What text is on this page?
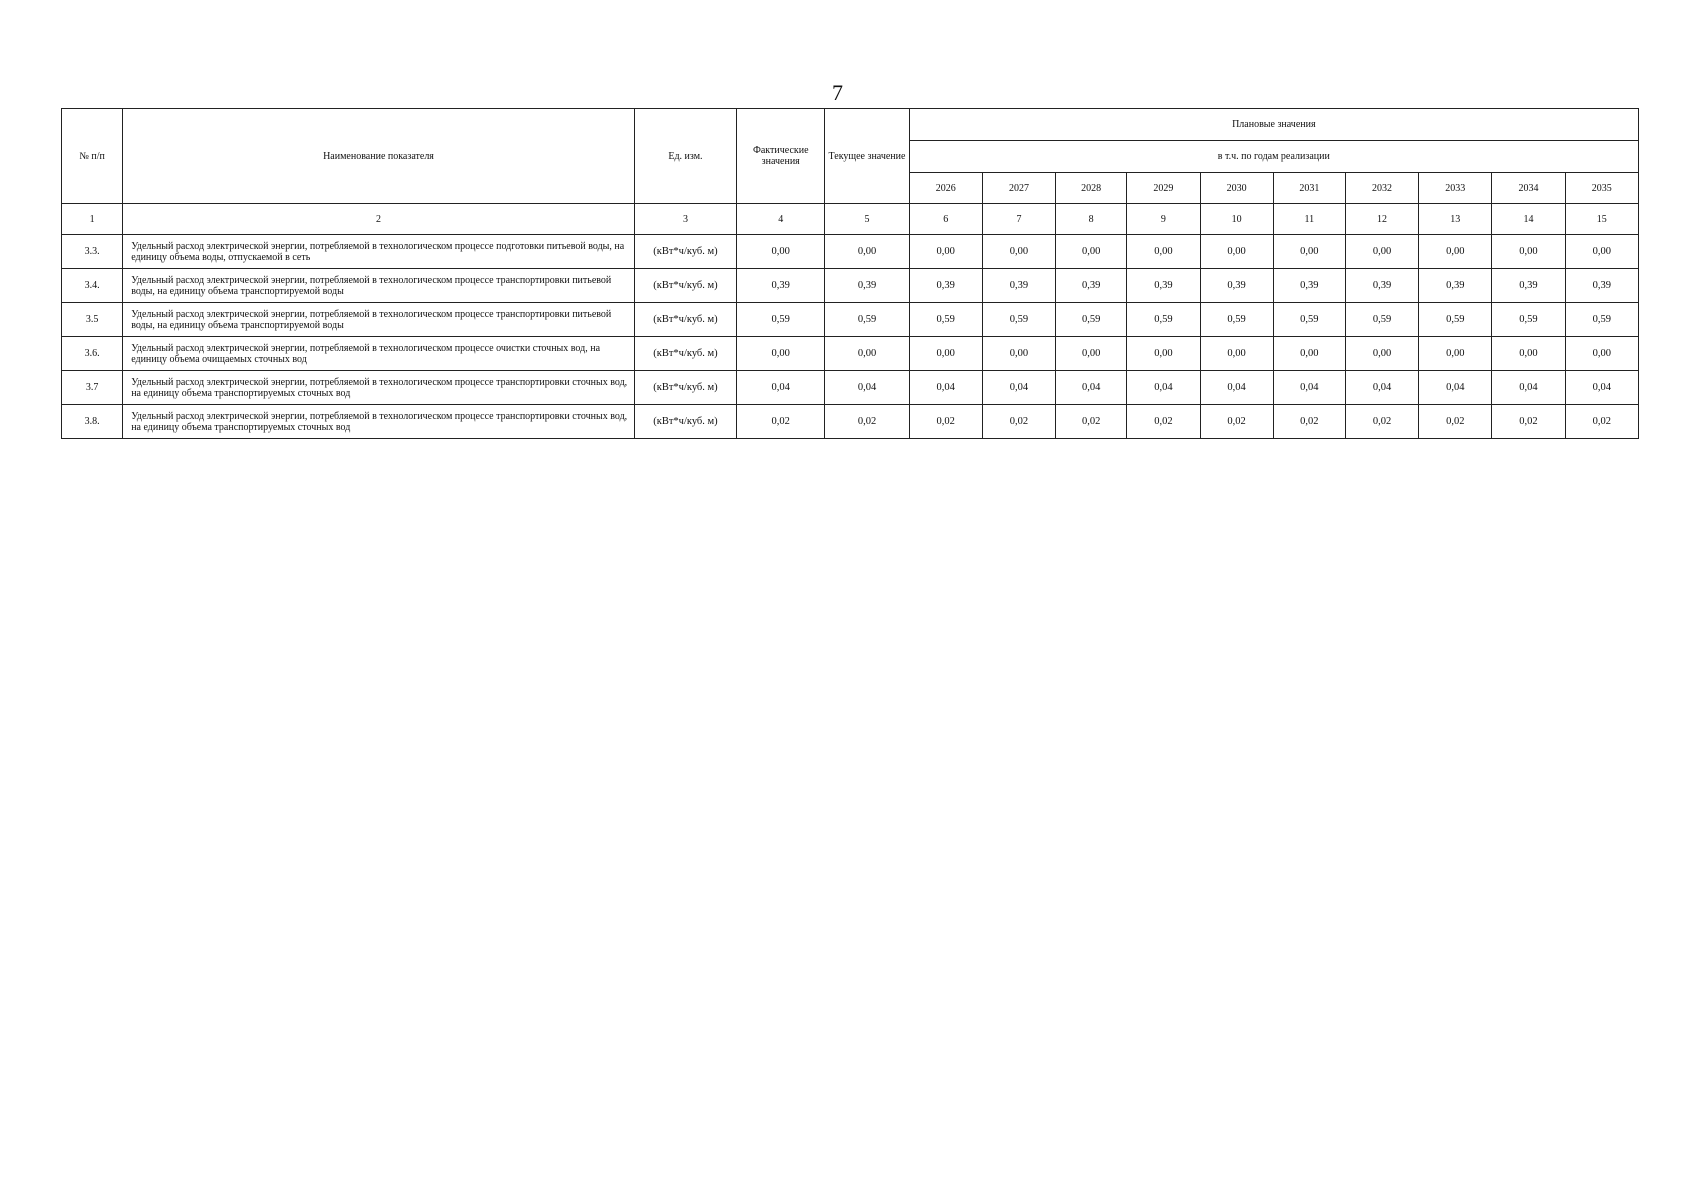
7
№ п/п	Наименование показателя	Ед. изм.	Фактические значения	Текущее значение	Плановые значения									
					в т.ч. по годам реализации									
					2026	2027	2028	2029	2030	2031	2032	2033	2034	2035
1	2	3	4	5	6	7	8	9	10	11	12	13	14	15
3.3.	Удельный расход электрической энергии, потребляемой в технологическом процессе подготовки питьевой воды, на единицу объема воды, отпускаемой в сеть	(кВт*ч/куб. м)	0,00	0,00	0,00	0,00	0,00	0,00	0,00	0,00	0,00	0,00	0,00	0,00
3.4.	Удельный расход электрической энергии, потребляемой в технологическом процессе транспортировки питьевой воды, на единицу объема транспортируемой воды	(кВт*ч/куб. м)	0,39	0,39	0,39	0,39	0,39	0,39	0,39	0,39	0,39	0,39	0,39	0,39
3.5	Удельный расход электрической энергии, потребляемой в технологическом процессе транспортировки питьевой воды, на единицу объема транспортируемой воды	(кВт*ч/куб. м)	0,59	0,59	0,59	0,59	0,59	0,59	0,59	0,59	0,59	0,59	0,59	0,59
3.6.	Удельный расход электрической энергии, потребляемой в технологическом процессе очистки сточных вод, на единицу объема очищаемых сточных вод	(кВт*ч/куб. м)	0,00	0,00	0,00	0,00	0,00	0,00	0,00	0,00	0,00	0,00	0,00	0,00
3.7	Удельный расход электрической энергии, потребляемой в технологическом процессе транспортировки сточных вод, на единицу объема транспортируемых сточных вод	(кВт*ч/куб. м)	0,04	0,04	0,04	0,04	0,04	0,04	0,04	0,04	0,04	0,04	0,04	0,04
3.8.	Удельный расход электрической энергии, потребляемой в технологическом процессе транспортировки сточных вод, на единицу объема транспортируемых сточных вод	(кВт*ч/куб. м)	0,02	0,02	0,02	0,02	0,02	0,02	0,02	0,02	0,02	0,02	0,02	0,02
